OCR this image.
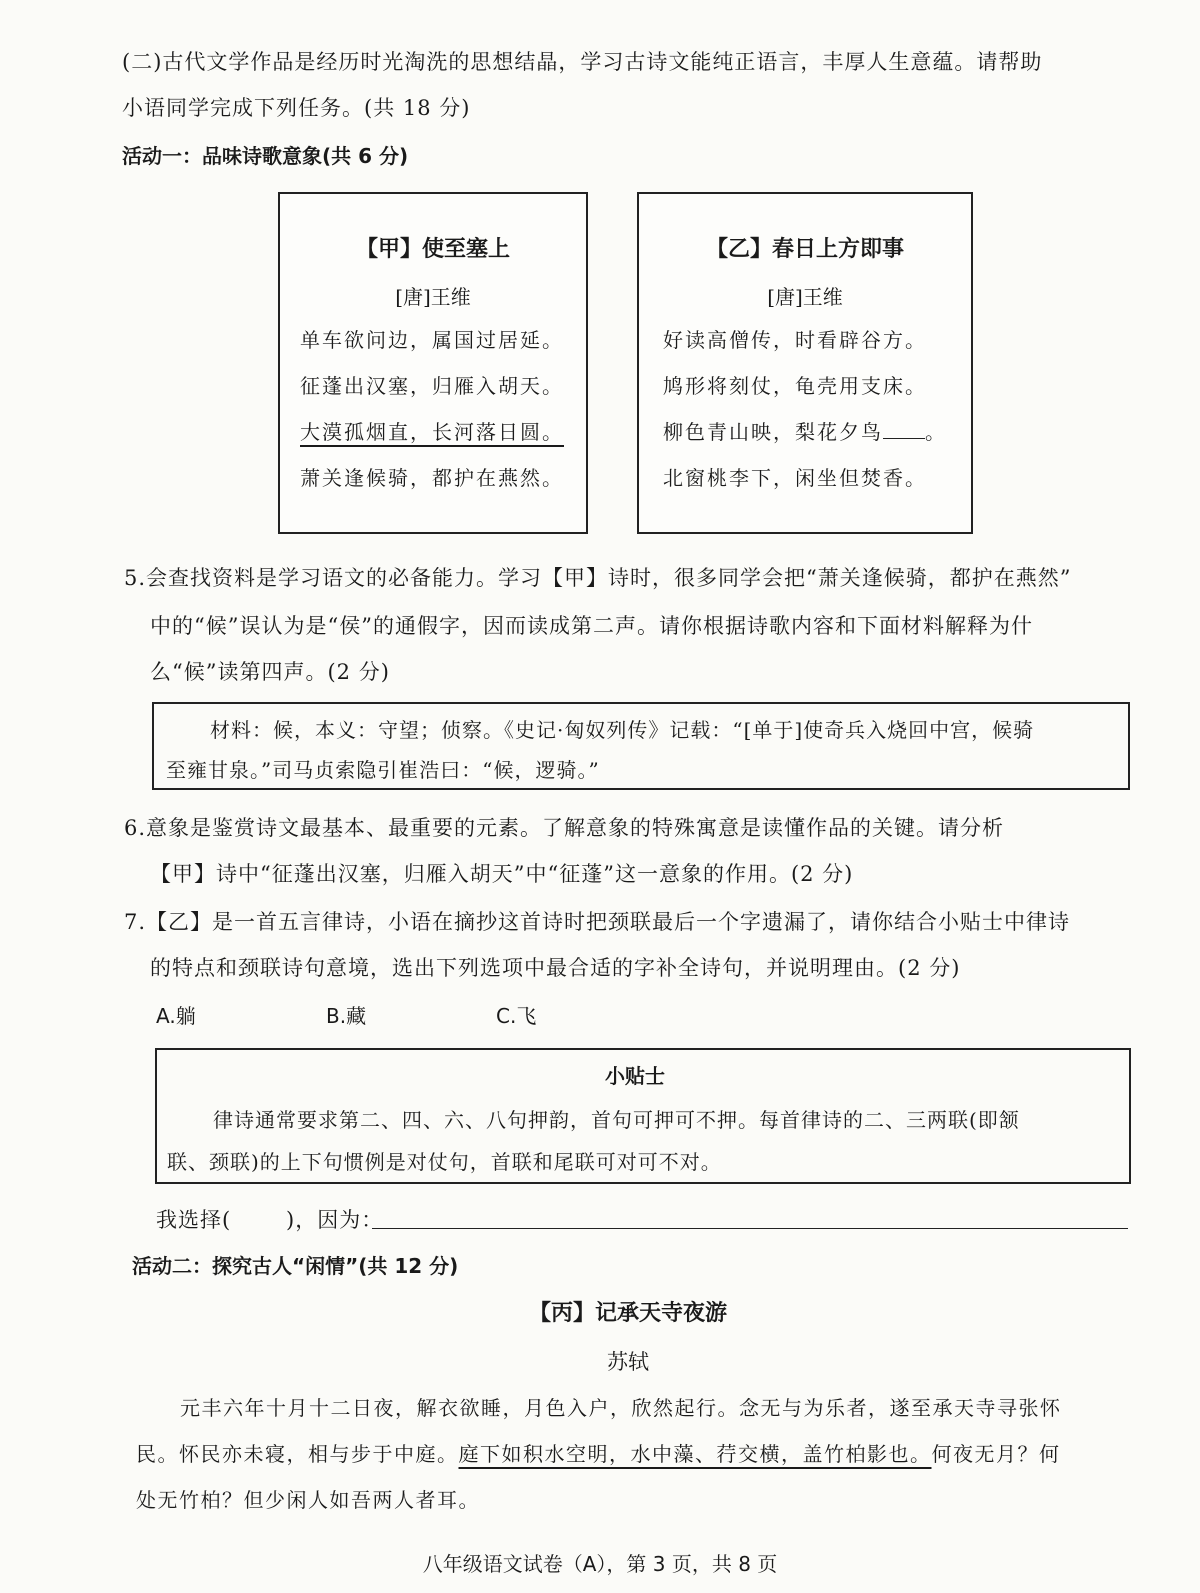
(二)古代文学作品是经历时光淘洗的思想结晶，学习古诗文能纯正语言，丰厚人生意蕴。请帮助
小语同学完成下列任务。(共 18 分)
活动一：品味诗歌意象(共 6 分)
【甲】使至塞上
[唐]王维
单车欲问边，属国过居延。
征蓬出汉塞，归雁入胡天。
大漠孤烟直，长河落日圆。
萧关逢候骑，都护在燕然。
【乙】春日上方即事
[唐]王维
好读高僧传，时看辟谷方。
鸠形将刻仗，龟壳用支床。
柳色青山映，梨花夕鸟 。
北窗桃李下，闲坐但焚香。
5.会查找资料是学习语文的必备能力。学习【甲】诗时，很多同学会把“萧关逢候骑，都护在燕然”
中的“候”误认为是“侯”的通假字，因而读成第二声。请你根据诗歌内容和下面材料解释为什
么“候”读第四声。(2 分)
材料：候，本义：守望；侦察。《史记·匈奴列传》记载：“[单于]使奇兵入烧回中宫，候骑
至雍甘泉。”司马贞索隐引崔浩曰：“候，逻骑。”
6.意象是鉴赏诗文最基本、最重要的元素。了解意象的特殊寓意是读懂作品的关键。请分析
【甲】诗中“征蓬出汉塞，归雁入胡天”中“征蓬”这一意象的作用。(2 分)
7.【乙】是一首五言律诗，小语在摘抄这首诗时把颈联最后一个字遗漏了，请你结合小贴士中律诗
的特点和颈联诗句意境，选出下列选项中最合适的字补全诗句，并说明理由。(2 分)
A.躺	B.藏	C.飞
小贴士
律诗通常要求第二、四、六、八句押韵，首句可押可不押。每首律诗的二、三两联(即颔
联、颈联)的上下句惯例是对仗句，首联和尾联可对可不对。
我选择(	)，因为：
活动二：探究古人“闲情”(共 12 分)
【丙】记承天寺夜游
苏轼
元丰六年十月十二日夜，解衣欲睡，月色入户，欣然起行。念无与为乐者，遂至承天寺寻张怀
民。怀民亦未寝，相与步于中庭。庭下如积水空明，水中藻、荇交横，盖竹柏影也。何夜无月？何
处无竹柏？但少闲人如吾两人者耳。
八年级语文试卷（A），第 3 页，共 8 页
